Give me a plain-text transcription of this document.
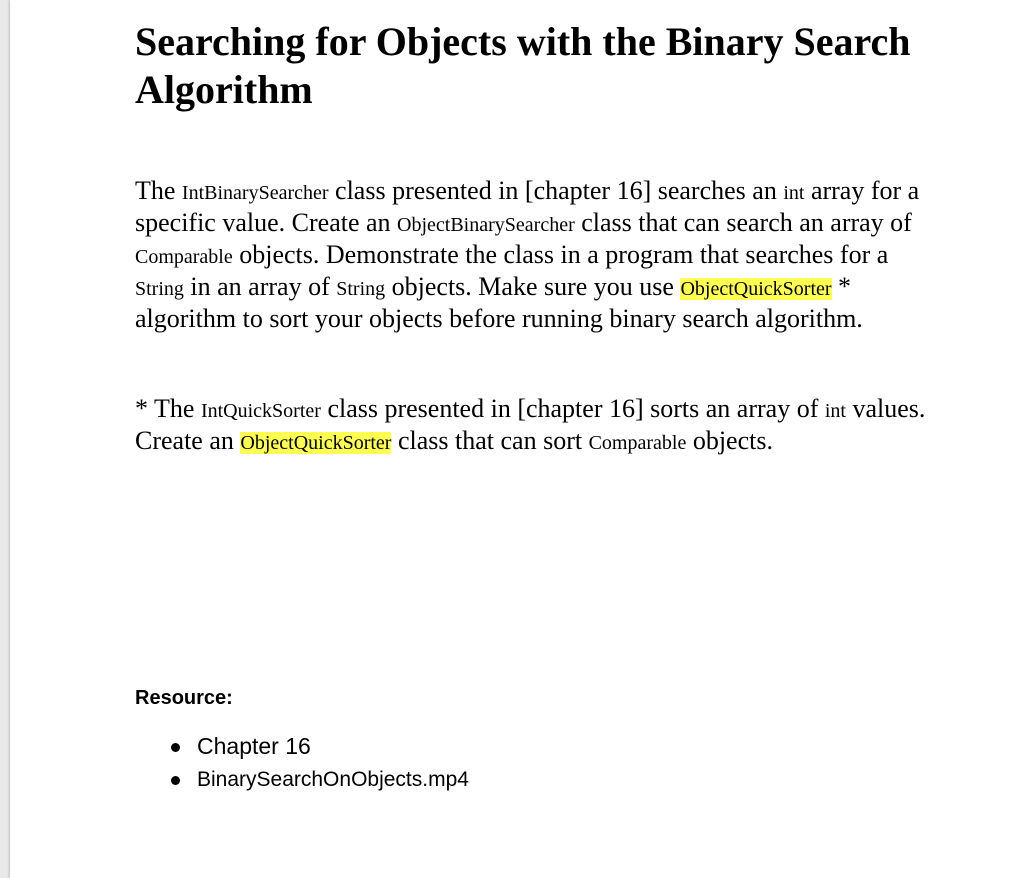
Searching for Objects with the Binary Search Algorithm

The IntBinarySearcher class presented in [chapter 16] searches an int array for a specific value. Create an ObjectBinarySearcher class that can search an array of Comparable objects. Demonstrate the class in a program that searches for a String in an array of String objects. Make sure you use ObjectQuickSorter * algorithm to sort your objects before running binary search algorithm.

* The IntQuickSorter class presented in [chapter 16] sorts an array of int values. Create an ObjectQuickSorter class that can sort Comparable objects.

Resource:
Chapter 16
BinarySearchOnObjects.mp4
